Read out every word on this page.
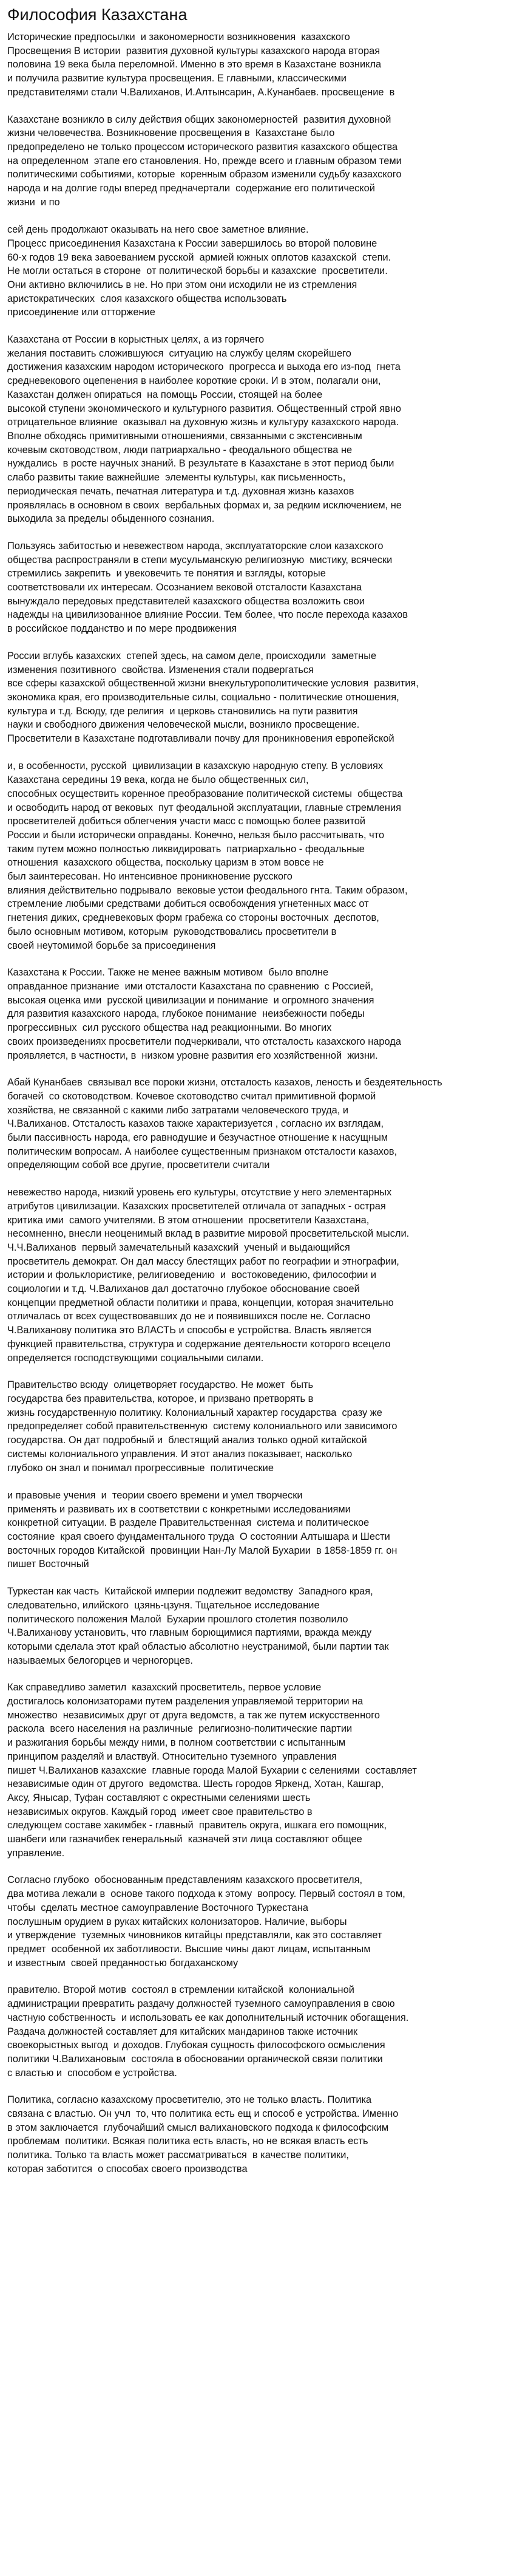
Философия Казахстана
Исторические предпосылки  и закономерности возникновения  казахского
Просвещения В истории  развития духовной культуры казахского народа вторая
половина 19 века была переломной. Именно в это время в Казахстане возникла
и получила развитие культура просвещения. Е главными, классическими
представителями стали Ч.Валиханов, И.Алтынсарин, А.Кунанбаев. просвещение  в
Казахстане возникло в силу действия общих закономерностей  развития духовной
жизни человечества. Возникновение просвещения в  Казахстане было
предопределено не только процессом исторического развития казахского общества
на определенном  этапе его становления. Но, прежде всего и главным образом теми
политическими событиями, которые  коренным образом изменили судьбу казахского
народа и на долгие годы вперед предначертали  содержание его политической
жизни  и по

сей день продолжают оказывать на него свое заметное влияние.
Процесс присоединения Казахстана к России завершилось во второй половине
60-х годов 19 века завоеванием русской  армией южных оплотов казахской  степи.
Не могли остаться в стороне  от политической борьбы и казахские  просветители.
Они активно включились в не. Но при этом они исходили не из стремления
аристократических  слоя казахского общества использовать
присоединение или отторжение
Казахстана от России в корыстных целях, а из горячего
желания поставить сложившуюся  ситуацию на службу целям скорейшего
достижения казахским народом исторического  прогресса и выхода его из-под  гнета
средневекового оцепенения в наиболее короткие сроки. И в этом, полагали они,
Казахстан должен опираться  на помощь России, стоящей на более
высокой ступени экономического и культурного развития. Общественный строй явно
отрицательное влияние  оказывал на духовную жизнь и культуру казахского народа.
Вполне обходясь примитивными отношениями, связанными с экстенсивным
кочевым скотоводством, люди патриархально - феодального общества не
нуждались  в росте научных знаний. В результате в Казахстане в этот период были
слабо развиты такие важнейшие  элементы культуры, как письменность,
периодическая печать, печатная литература и т.д. духовная жизнь казахов
проявлялась в основном в своих  вербальных формах и, за редким исключением, не
выходила за пределы обыденного сознания.
Пользуясь забитостью и невежеством народа, эксплуататорские слои казахского
общества распространяли в степи мусульманскую религиозную  мистику, всячески
стремились закрепить  и увековечить те понятия и взгляды, которые
соответствовали их интересам. Осознанием вековой отсталости Казахстана
вынуждало передовых представителей казахского общества возложить свои
надежды на цивилизованное влияние России. Тем более, что после перехода казахов
в российское подданство и по мере продвижения
России вглубь казахских  степей здесь, на самом деле, происходили  заметные
изменения позитивного  свойства. Изменения стали подвергаться
все сферы казахской общественной жизни внекультурополитические условия  развития,
экономика края, его производительные силы, социально - политические отношения,
культура и т.д. Всюду, где религия  и церковь становились на пути развития
науки и свободного движения человеческой мысли, возникло просвещение.
Просветители в Казахстане подготавливали почву для проникновения европейской

и, в особенности, русской  цивилизации в казахскую народную степу. В условиях
Казахстана середины 19 века, когда не было общественных сил,
способных осуществить коренное преобразование политической системы  общества
и освободить народ от вековых  пут феодальной эксплуатации, главные стремления
просветителей добиться облегчения участи масс с помощью более развитой
России и были исторически оправданы. Конечно, нельзя было рассчитывать, что
таким путем можно полностью ликвидировать  патриархально - феодальные
отношения  казахского общества, поскольку царизм в этом вовсе не
был заинтересован. Но интенсивное проникновение русского
влияния действительно подрывало  вековые устои феодального гнта. Таким образом,
стремление любыми средствами добиться освобождения угнетенных масс от
гнетения дикиx, средневековых форм грабежа со стороны восточных  деспотов,
было основным мотивом, которым  руководствовались просветители в
своей неутомимой борьбе за присоединения
Казахстана к России. Также не менее важным мотивом  было вполне
оправданное признание  ими отсталости Казахстана по сравнению  с Россией,
высокая оценка ими  русской цивилизации и понимание  и огромного значения
для развития казахского народа, глубокое понимание  неизбежности победы
прогрессивных  сил русского общества над реакционными. Во многих
своих произведениях просветители подчеркивали, что отсталость казахского народа
проявляется, в частности, в  низком уровне развития его хозяйственной  жизни.
Абай Кунанбаев  связывал все пороки жизни, отсталость казахов, леность и бездеятельность
богачей  со скотоводством. Кочевое скотоводство считал примитивной формой
хозяйства, не связанной с какими либо затратами человеческого труда, и
Ч.Валиханов. Отсталость казахов также характеризуется , согласно их взглядам,
были пассивность народа, его равнодушие и безучастное отношение к насущным
политическим вопросам. А наиболее существенным признаком отсталости казахов,
определяющим собой все другие, просветители считали
невежество народа, низкий уровень его культуры, отсутствие у него элементарных
атрибутов цивилизации. Казахских просветителей отличала от западных - острая
критика ими  самого учителями. В этом отношении  просветители Казахстана,
несомненно, внесли неоценимый вклад в развитие мировой просветительской мысли.
Ч.Ч.Валиханов  первый замечательный казахский  ученый и выдающийся
просветитель демократ. Он дал массу блестящих работ по географии и этнографии,
истории и фольклористике, религиоведению  и  востоковедению, философии и
социологии и т.д. Ч.Валиханов дал достаточно глубокое обоснование своей
концепции предметной области политики и права, концепции, которая значительно
отличалась от всех существовавших до не и появившихся после не. Согласно
Ч.Валиханову политика это ВЛАСТЬ и способы е устройства. Власть является
функцией правительства, структура и содержание деятельности которого всецело
определяется господствующими социальными силами.
Правительство всюду  олицетворяет государство. Не может  быть
государства без правительства, которое, и призвано претворять в
жизнь государственную политику. Колониальный характер государства  сразу же
предопределяет собой правительственную  систему колониального или зависимого
государства. Он дат подробный и  блестящий анализ только одной китайской
системы колониального управления. И этот анализ показывает, насколько
глубоко он знал и понимал прогрессивные  политические

и правовые учения  и  теории своего времени и умел творчески
применять и развивать их в соответствии с конкретными исследованиями
конкретной ситуации. В разделе Правительственная  система и политическое
состояние  края своего фундаментального труда  О состоянии Алтышара и Шести
восточных городов Китайской  провинции Нан-Лу Малой Бухарии  в 1858-1859 гг. он
пишет Восточный
Туркестан как часть  Китайской империи подлежит ведомству  Западного края,
следовательно, илийского  цзянь-цзуня. Тщательное исследование
политического положения Малой  Бухарии прошлого столетия позволило
Ч.Валиханову установить, что главным борющимися партиями, вражда между
которыми сделала этот край областью абсолютно неустранимой, были партии так
называемых белогорцев и черногорцев.
Как справедливо заметил  казахский просветитель, первое условие
достигалось колонизаторами путем разделения управляемой территории на
множество  независимых друг от друга ведомств, а так же путем искусственного
раскола  всего населения на различные  религиозно-политические партии
и разжигания борьбы между ними, в полном соответствии с испытанным
принципом разделяй и властвуй. Относительно туземного  управления
пишет Ч.Валиханов казахские  главные города Малой Бухарии с селениями  составляет
независимые один от другого  ведомства. Шесть городов Яркенд, Хотан, Кашгар,
Аксу, Янысар, Туфан составляют с окрестными селениями шесть
независимых округов. Каждый город  имеет свое правительство в
следующем составе хакимбек - главный  правитель округа, ишкага его помощник,
шанбеги или газначибек генеральный  казначей эти лица составляют общее
управление.
Согласно глубоко  обоснованным представлениям казахского просветителя,
два мотива лежали в  основе такого подхода к этому  вопросу. Первый состоял в том,
чтобы  сделать местное самоуправление Восточного Туркестана
послушным орудием в руках китайских колонизаторов. Наличие, выборы
и утверждение  туземных чиновников китайцы представляли, как это составляет
предмет  особенной их заботливости. Высшие чины дают лицам, испытанным
и известным  своей преданностью богдаханскому
правителю. Второй мотив  состоял в стремлении китайской  колониальной
администрации превратить раздачу должностей туземного самоуправления в свою
частную собственность  и использовать ее как дополнительный источник обогащения.
Раздача должностей составляет для китайских мандаринов также источник
своекорыстных выгод  и доходов. Глубокая сущность философского осмысления
политики Ч.Валихановым  состояла в обосновании органической связи политики
с властью и  способом е устройства.
Политика, согласно казахскому просветителю, это не только власть. Политика
связана с властью. Он учл  то, что политика есть ещ и способ е устройства. Именно
в этом заключается  глубочайший смысл валихановского подхода к философским
проблемам  политики. Всякая политика есть власть, но не всякая власть есть
политика. Только та власть может рассматриваться  в качестве политики,
которая заботится  о способах своего производства
